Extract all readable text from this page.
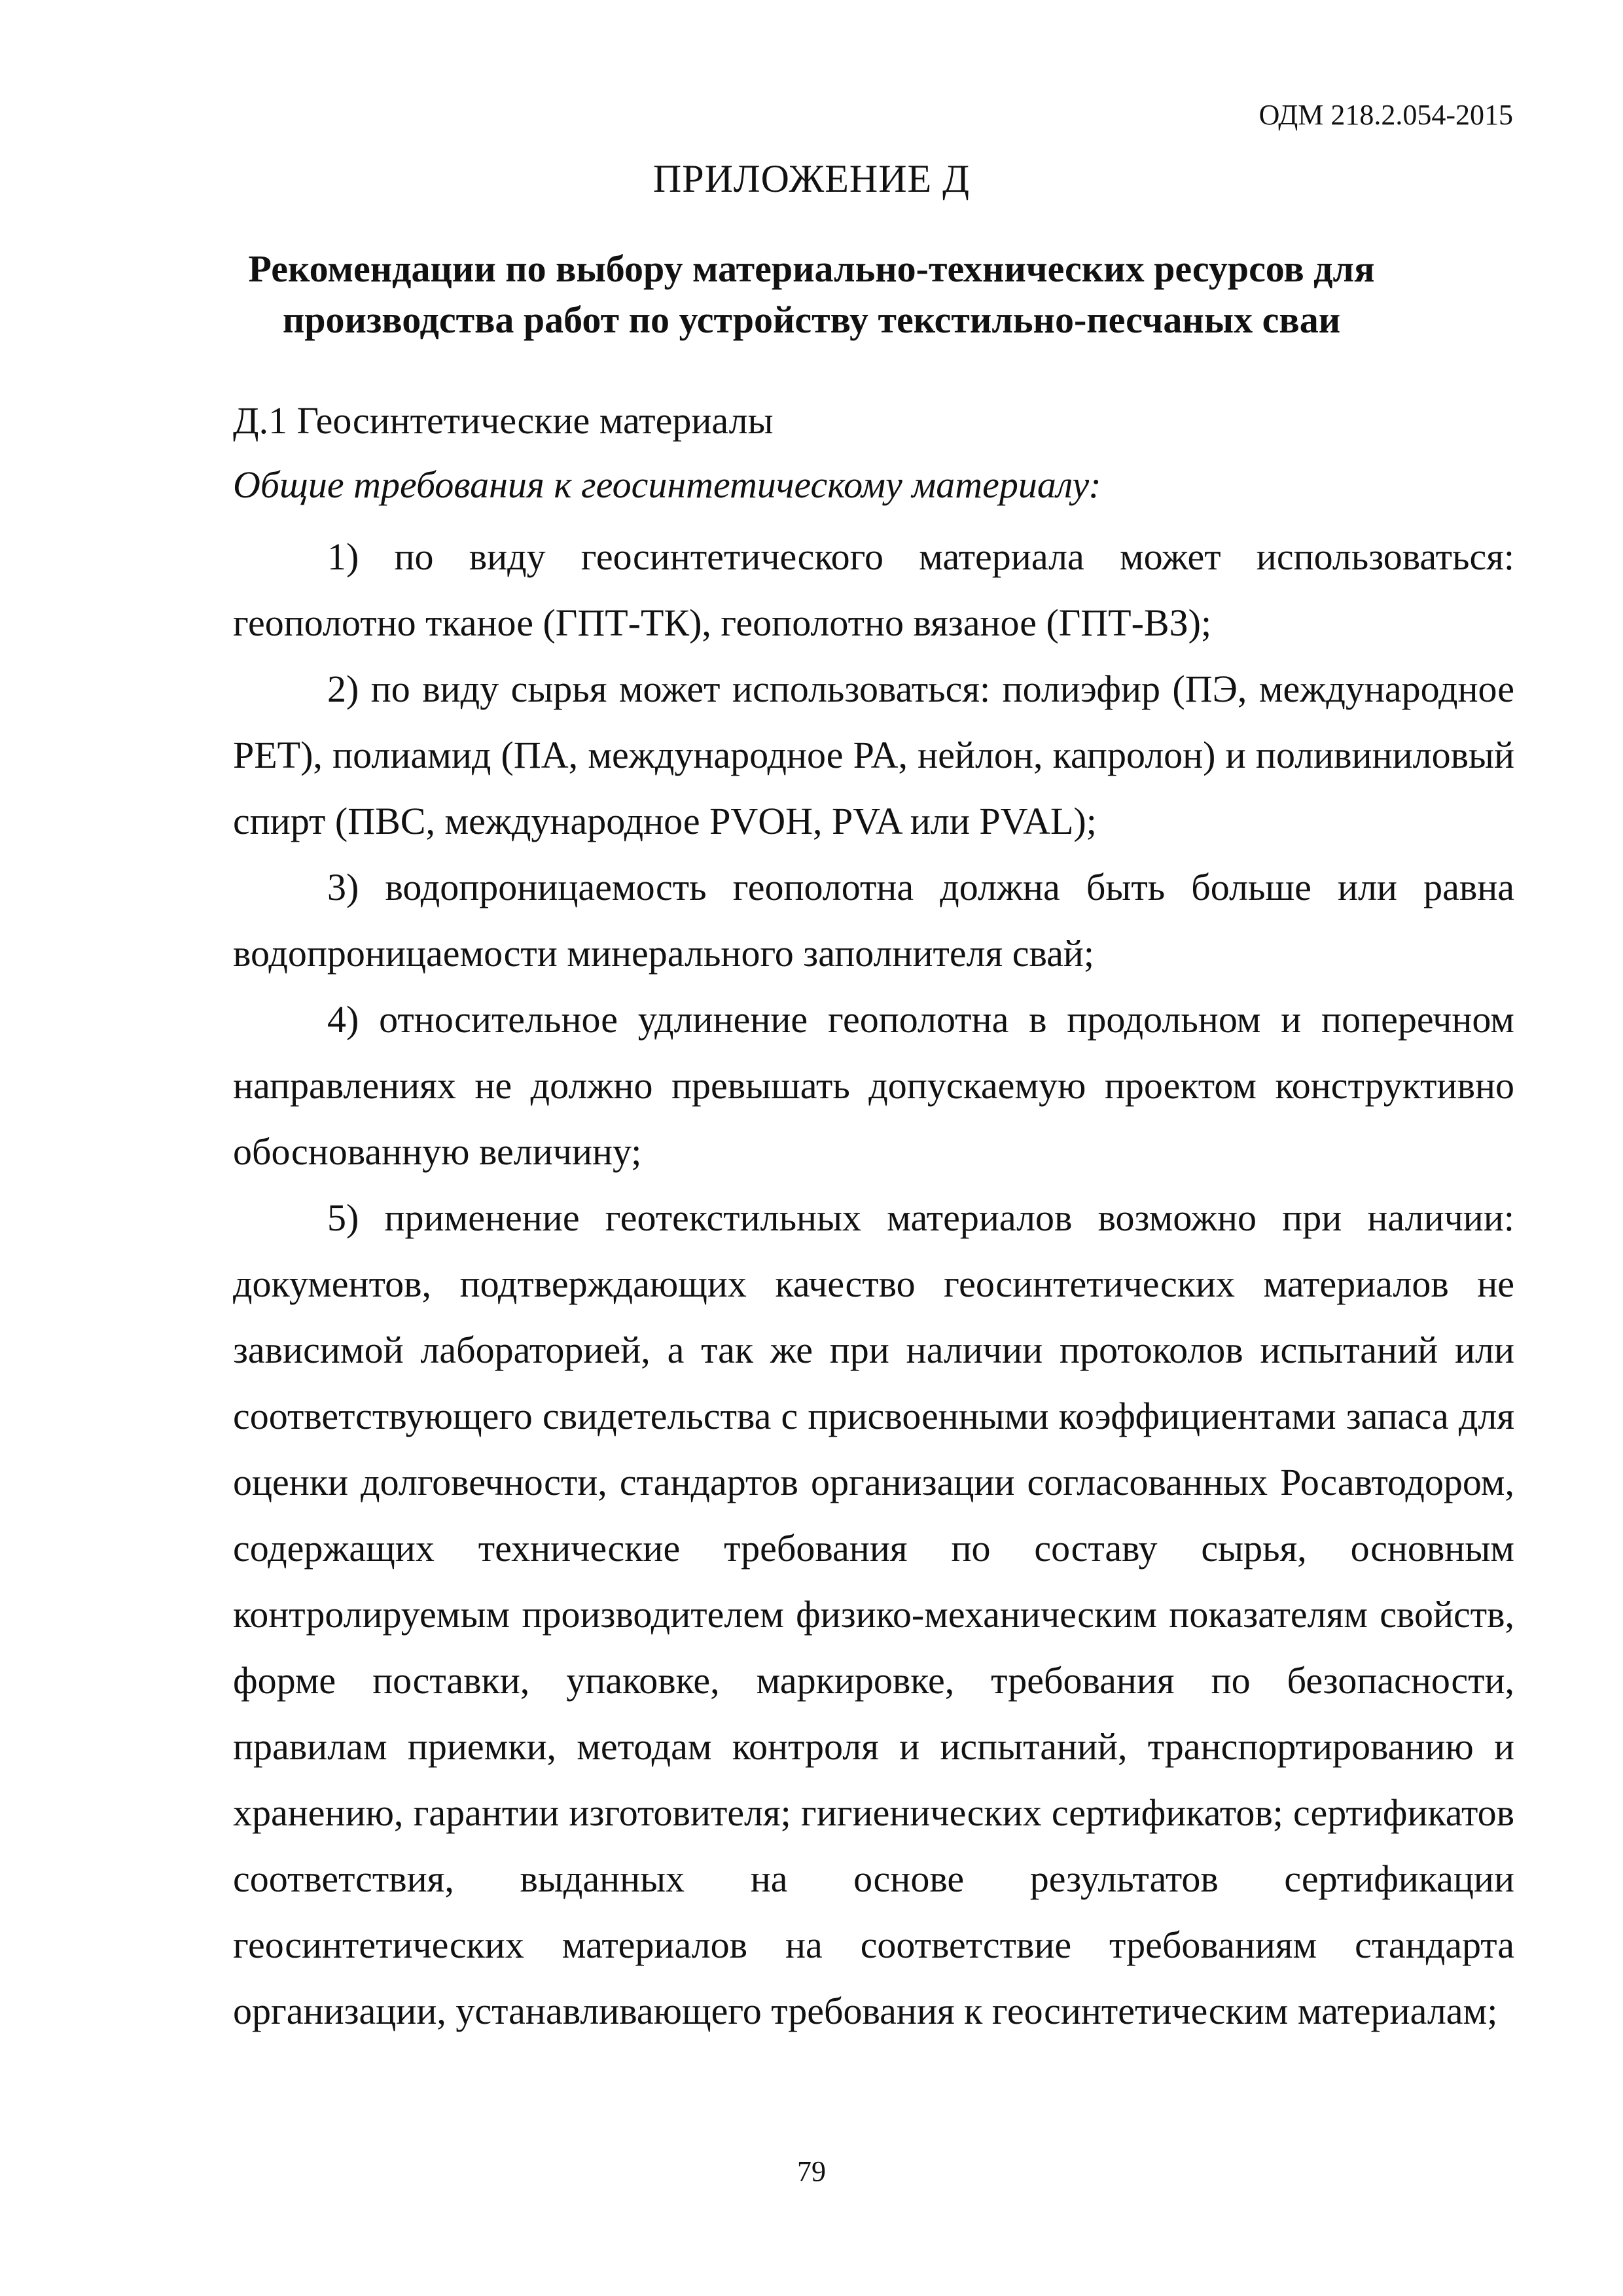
ОДМ 218.2.054-2015
ПРИЛОЖЕНИЕ Д
Рекомендации по выбору материально-технических ресурсов для производства работ по устройству текстильно-песчаных сваи
Д.1 Геосинтетические материалы
Общие требования к геосинтетическому материалу:

1) по виду геосинтетического материала может использоваться: геополотно тканое (ГПТ-ТК), геополотно вязаное (ГПТ-ВЗ);

2) по виду сырья может использоваться: полиэфир (ПЭ, международное PET), полиамид (ПА, международное PA, нейлон, капролон) и поливиниловый спирт (ПВС, международное PVOH, PVA или PVAL);

3) водопроницаемость геополотна должна быть больше или равна водопроницаемости минерального заполнителя свай;

4) относительное удлинение геополотна в продольном и поперечном направлениях не должно превышать допускаемую проектом конструктивно обоснованную величину;

5) применение геотекстильных материалов возможно при наличии: документов, подтверждающих качество геосинтетических материалов не зависимой лабораторией, а так же при наличии протоколов испытаний или соответствующего свидетельства с присвоенными коэффициентами запаса для оценки долговечности, стандартов организации согласованных Росавтодором, содержащих технические требования по составу сырья, основным контролируемым производителем физико-механическим показателям свойств, форме поставки, упаковке, маркировке, требования по безопасности, правилам приемки, методам контроля и испытаний, транспортированию и хранению, гарантии изготовителя; гигиенических сертификатов; сертификатов соответствия, выданных на основе результатов сертификации геосинтетических материалов на соответствие требованиям стандарта организации, устанавливающего требования к геосинтетическим материалам;

79
